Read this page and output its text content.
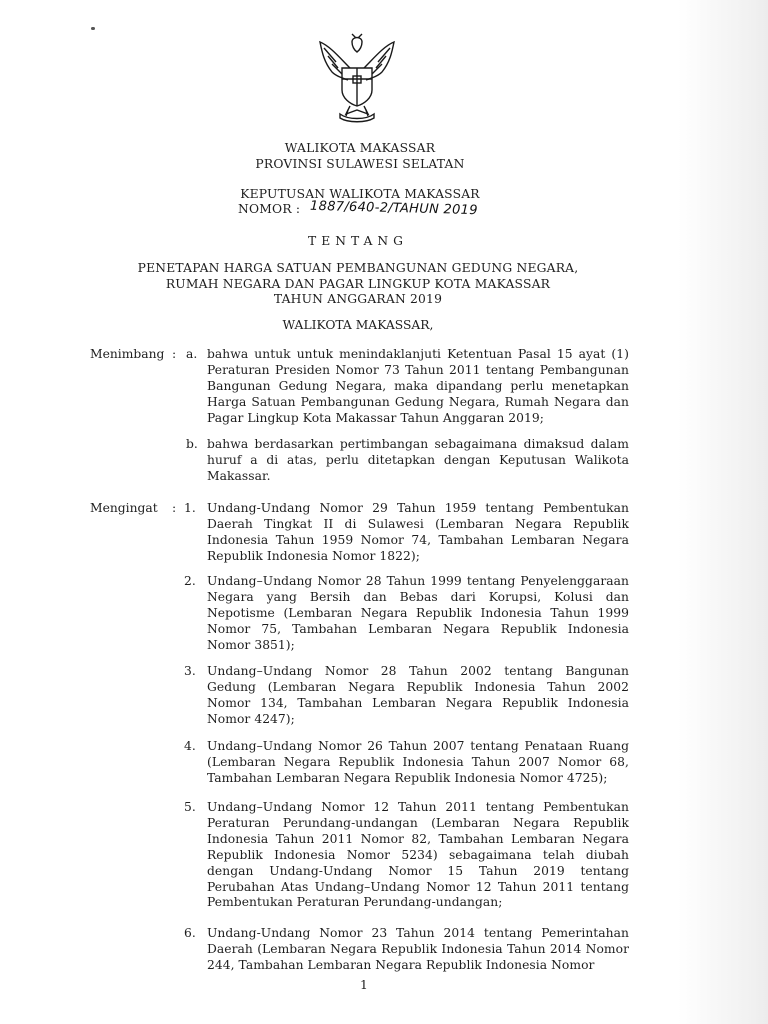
WALIKOTA MAKASSAR
PROVINSI SULAWESI SELATAN
KEPUTUSAN WALIKOTA MAKASSAR
NOMOR : 1887/640-2/TAHUN 2019
TENTANG
PENETAPAN HARGA SATUAN PEMBANGUNAN GEDUNG NEGARA,
RUMAH NEGARA DAN PAGAR LINGKUP KOTA MAKASSAR
TAHUN ANGGARAN 2019
WALIKOTA MAKASSAR,
Menimbang : a. bahwa untuk untuk menindaklanjuti Ketentuan Pasal 15 ayat (1) Peraturan Presiden Nomor 73 Tahun 2011 tentang Pembangunan Bangunan Gedung Negara, maka dipandang perlu menetapkan Harga Satuan Pembangunan Gedung Negara, Rumah Negara dan Pagar Lingkup Kota Makassar Tahun Anggaran 2019;
b. bahwa berdasarkan pertimbangan sebagaimana dimaksud dalam huruf a di atas, perlu ditetapkan dengan Keputusan Walikota Makassar.
Mengingat : 1. Undang-Undang Nomor 29 Tahun 1959 tentang Pembentukan Daerah Tingkat II di Sulawesi (Lembaran Negara Republik Indonesia Tahun 1959 Nomor 74, Tambahan Lembaran Negara Republik Indonesia Nomor 1822);
2. Undang–Undang Nomor 28 Tahun 1999 tentang Penyelenggaraan Negara yang Bersih dan Bebas dari Korupsi, Kolusi dan Nepotisme (Lembaran Negara Republik Indonesia Tahun 1999 Nomor 75, Tambahan Lembaran Negara Republik Indonesia Nomor 3851);
3. Undang–Undang Nomor 28 Tahun 2002 tentang Bangunan Gedung (Lembaran Negara Republik Indonesia Tahun 2002 Nomor 134, Tambahan Lembaran Negara Republik Indonesia Nomor 4247);
4. Undang–Undang Nomor 26 Tahun 2007 tentang Penataan Ruang (Lembaran Negara Republik Indonesia Tahun 2007 Nomor 68, Tambahan Lembaran Negara Republik Indonesia Nomor 4725);
5. Undang–Undang Nomor 12 Tahun 2011 tentang Pembentukan Peraturan Perundang-undangan (Lembaran Negara Republik Indonesia Tahun 2011 Nomor 82, Tambahan Lembaran Negara Republik Indonesia Nomor 5234) sebagaimana telah diubah dengan Undang-Undang Nomor 15 Tahun 2019 tentang Perubahan Atas Undang–Undang Nomor 12 Tahun 2011 tentang Pembentukan Peraturan Perundang-undangan;
6. Undang-Undang Nomor 23 Tahun 2014 tentang Pemerintahan Daerah (Lembaran Negara Republik Indonesia Tahun 2014 Nomor 244, Tambahan Lembaran Negara Republik Indonesia Nomor
1
